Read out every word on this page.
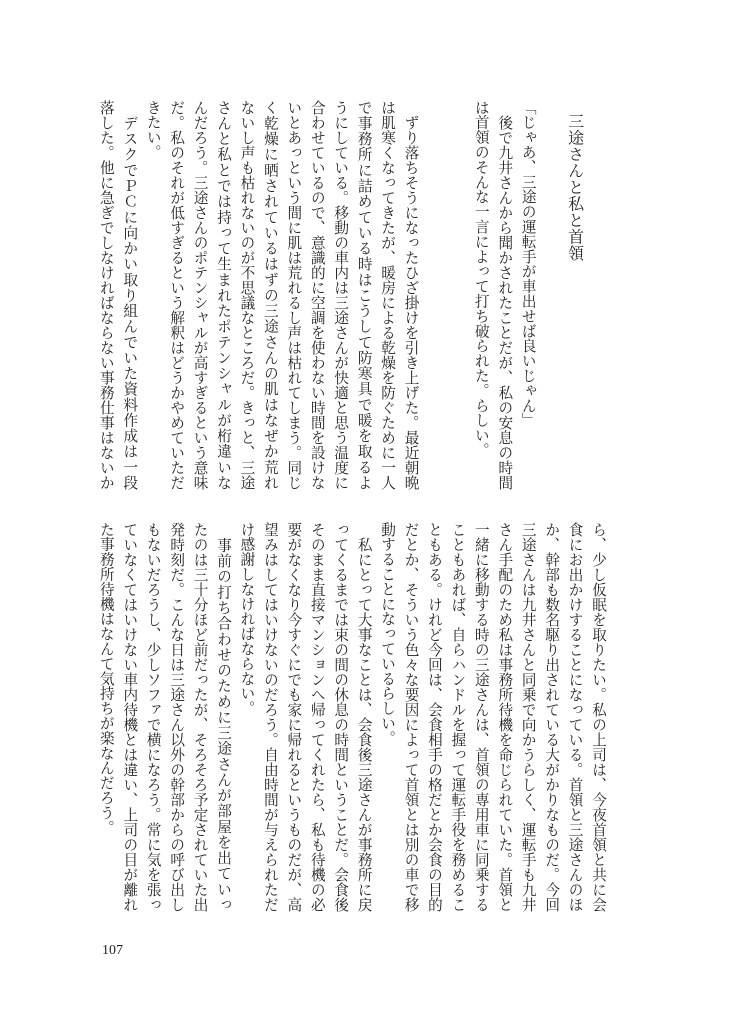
三途さんと私と首領
「じゃあ、三途の運転手が車出せば良いじゃん」
　後で九井さんから聞かされたことだが、私の安息の時間
は首領のそんな一言によって打ち破られた。らしい。
　ずり落ちそうになったひざ掛けを引き上げた。最近朝晩
は肌寒くなってきたが、暖房による乾燥を防ぐために一人
で事務所に詰めている時はこうして防寒具で暖を取るよ
うにしている。移動の車内は三途さんが快適と思う温度に
合わせているので、意識的に空調を使わない時間を設けな
いとあっという間に肌は荒れるし声は枯れてしまう。同じ
く乾燥に晒されているはずの三途さんの肌はなぜか荒れ
ないし声も枯れないのが不思議なところだ。きっと、三途
さんと私とでは持って生まれたポテンシャルが桁違いな
んだろう。三途さんのポテンシャルが高すぎるという意味
だ。私のそれが低すぎるという解釈はどうかやめていただ
きたい。
　デスクでＰＣに向かい取り組んでいた資料作成は一段
落した。他に急ぎでしなければならない事務仕事はないか
ら、少し仮眠を取りたい。私の上司は、今夜首領と共に会
食にお出かけすることになっている。首領と三途さんのほ
か、幹部も数名駆り出されている大がかりなものだ。今回
三途さんは九井さんと同乗で向かうらしく、運転手も九井
さん手配のため私は事務所待機を命じられていた。首領と
一緒に移動する時の三途さんは、首領の専用車に同乗する
こともあれば、自らハンドルを握って運転手役を務めるこ
ともある。けれど今回は、会食相手の格だとか会食の目的
だとか、そういう色々な要因によって首領とは別の車で移
動することになっているらしい。
　私にとって大事なことは、会食後三途さんが事務所に戻
ってくるまでは束の間の休息の時間ということだ。会食後
そのまま直接マンションへ帰ってくれたら、私も待機の必
要がなくなり今すぐにでも家に帰れるというものだが、高
望みはしてはいけないのだろう。自由時間が与えられただ
け感謝しなければならない。
　事前の打ち合わせのために三途さんが部屋を出ていっ
たのは三十分ほど前だったが、そろそろ予定されていた出
発時刻だ。こんな日は三途さん以外の幹部からの呼び出し
もないだろうし、少しソファで横になろう。常に気を張っ
ていなくてはいけない車内待機とは違い、上司の目が離れ
た事務所待機はなんて気持ちが楽なんだろう。
107
